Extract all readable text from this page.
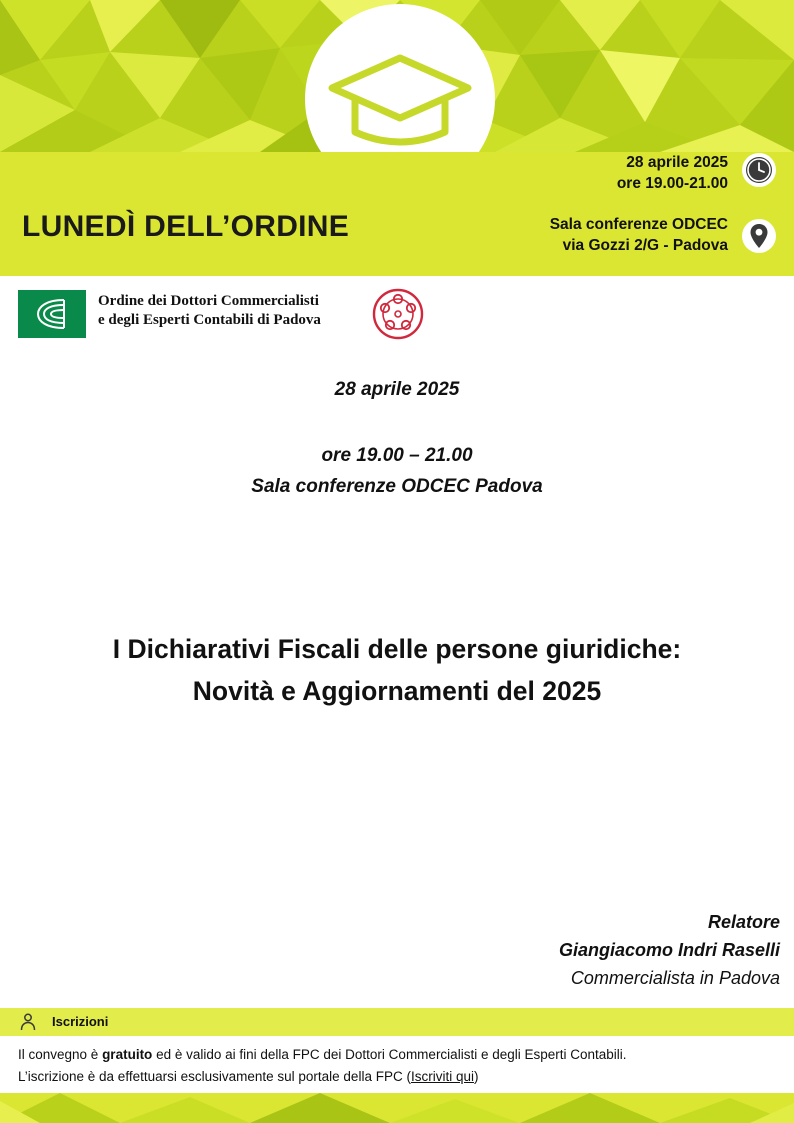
LUNEDÌ DELL’ORDINE
28 aprile 2025
ore 19.00-21.00
Sala conferenze ODCEC
via Gozzi 2/G - Padova
Ordine dei Dottori Commercialisti
e degli Esperti Contabili di Padova
28 aprile 2025
ore 19.00 – 21.00
Sala conferenze ODCEC Padova
I Dichiarativi Fiscali delle persone giuridiche:
Novità e Aggiornamenti del 2025
Relatore
Giangiacomo Indri Raselli
Commercialista in Padova
Iscrizioni
Il convegno è gratuito ed è valido ai fini della FPC dei Dottori Commercialisti e degli Esperti Contabili.
L’iscrizione è da effettuarsi esclusivamente sul portale della FPC (Iscriviti qui)
